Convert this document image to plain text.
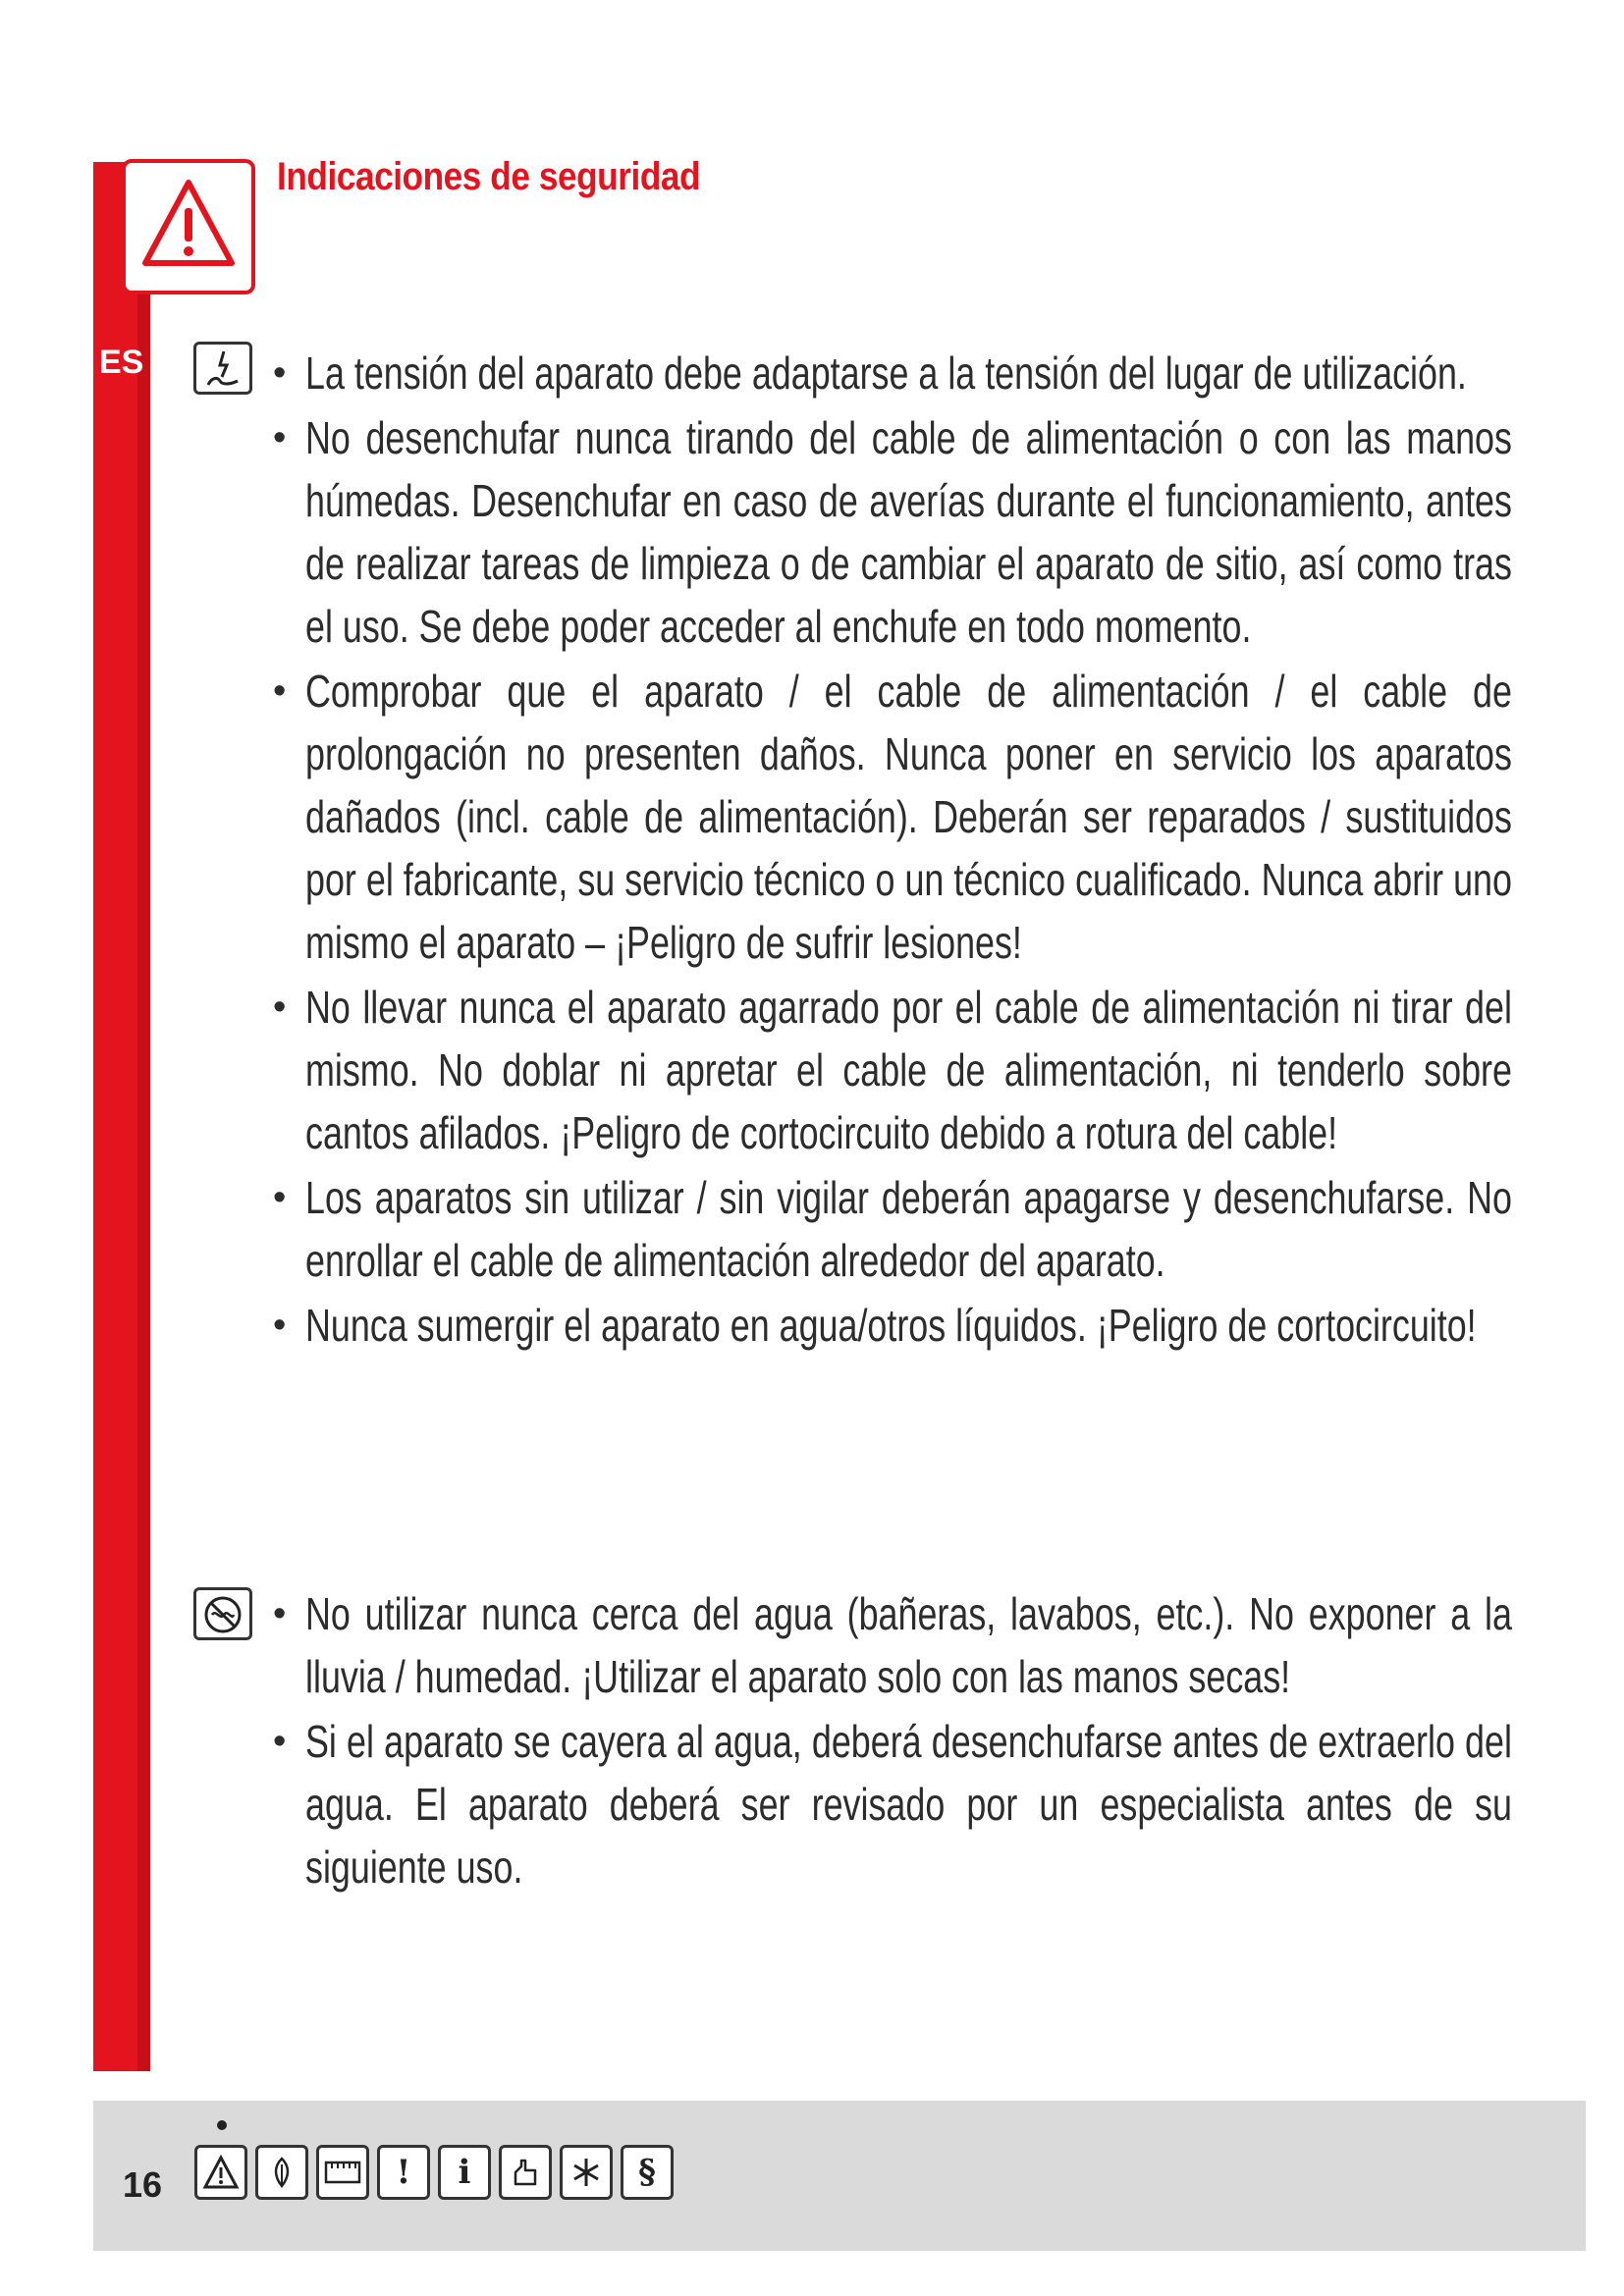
Indicaciones de seguridad
ES
•	La tensión del aparato debe adaptarse a la tensión del lugar de utilización.
• No desenchufar nunca tirando del cable de alimentación o con las manos húmedas. Desenchufar en caso de averías durante el funcionamiento, antes de realizar tareas de limpieza o de cambiar el aparato de sitio, así como tras el uso. Se debe poder acceder al enchufe en todo momento.
• Comprobar que el aparato / el cable de alimentación / el cable de prolongación no presenten daños. Nunca poner en servicio los aparatos dañados (incl. cable de alimentación). Deberán ser reparados / sustituidos por el fabricante, su servicio técnico o un técnico cualificado. Nunca abrir uno mismo el aparato – ¡Peligro de sufrir lesiones!
• No llevar nunca el aparato agarrado por el cable de alimentación ni tirar del mismo. No doblar ni apretar el cable de alimentación, ni tenderlo sobre cantos afilados. ¡Peligro de cortocircuito debido a rotura del cable!
• Los aparatos sin utilizar / sin vigilar deberán apagarse y desenchufarse. No enrollar el cable de alimentación alrededor del aparato.
• Nunca sumergir el aparato en agua/otros líquidos. ¡Peligro de cortocircuito!
• No utilizar nunca cerca del agua (bañeras, lavabos, etc.). No exponer a la lluvia / humedad. ¡Utilizar el aparato solo con las manos secas!
• Si el aparato se cayera al agua, deberá desenchufarse antes de extraerlo del agua. El aparato deberá ser revisado por un especialista antes de su siguiente uso.
16	!	i	§
